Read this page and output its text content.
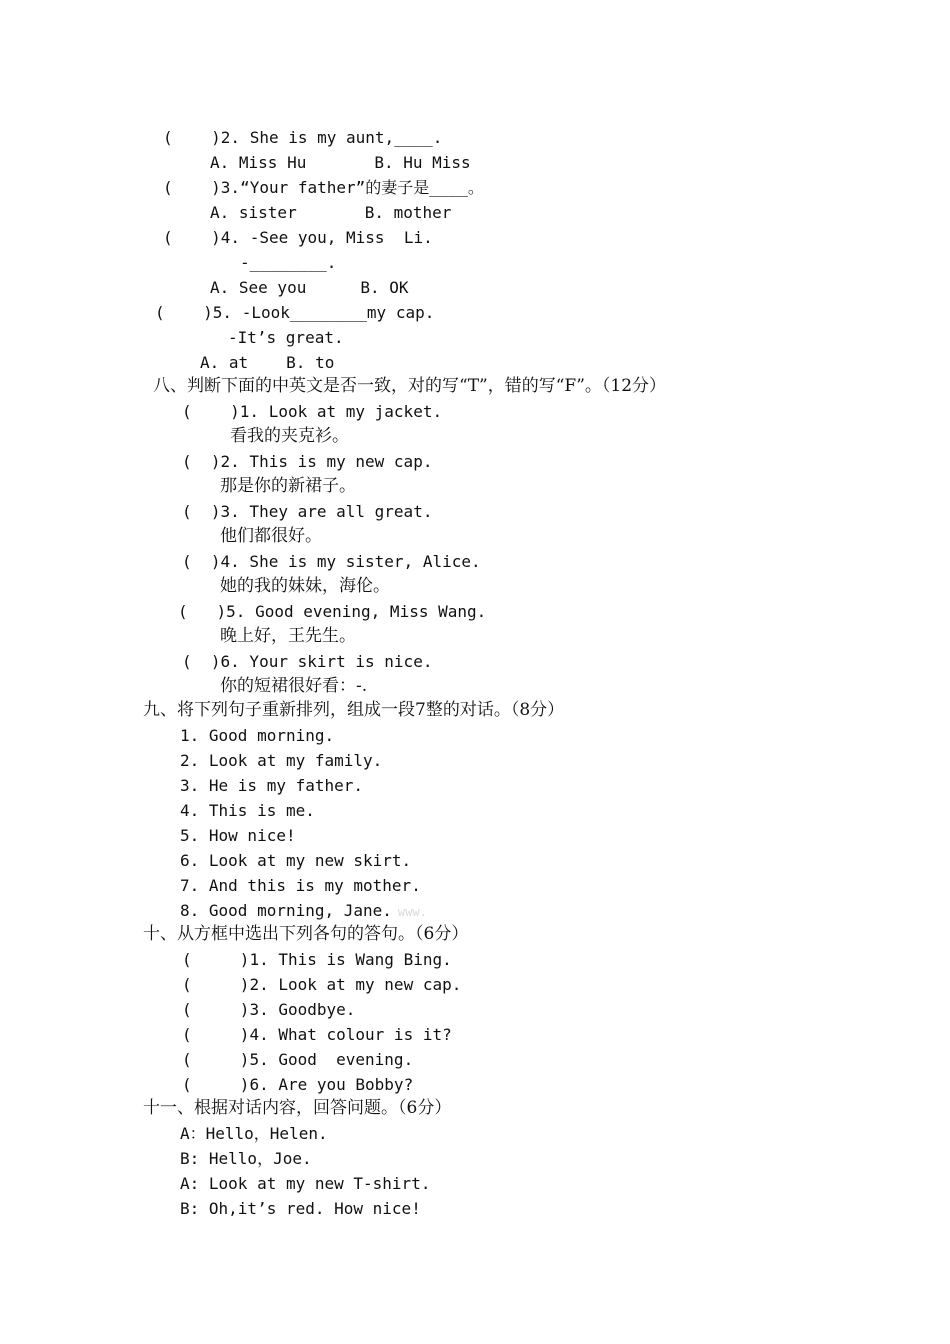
(    )2. She is my aunt,____.
A. Miss Hu	B. Hu Miss
(    )3.“Your father”的妻子是____。
A. sister	B. mother
(    )4. -See you, Miss  Li.
-________.
A. See you	B. OK
(    )5. -Look________my cap.
-It’s great.
A. at B. to
八、判断下面的中英文是否一致，对的写“T”，错的写“F”。（12分）
(    )1. Look at my jacket.
看我的夹克衫。
(  )2. This is my new cap.
那是你的新裙子。
(  )3. They are all great.
他们都很好。
(  )4. She is my sister, Alice.
她的我的妹妹，海伦。
(   )5. Good evening, Miss Wang.
晚上好，王先生。
(  )6. Your skirt is nice.
你的短裙很好看：-.
九、将下列句子重新排列，组成一段7整的对话。（8分）
1. Good morning.
2. Look at my family.
3. He is my father.
4. This is me.
5. How nice!
6. Look at my new skirt.
7. And this is my mother.
8. Good morning, Jane. www.
十、从方框中选出下列各句的答句。（6分）
(     )1. This is Wang Bing.
(     )2. Look at my new cap.
(     )3. Goodbye.
(     )4. What colour is it?
(     )5. Good  evening.
(     )6. Are you Bobby?
十一、根据对话内容，回答问题。（6分）
A：Hello，Helen.
B: Hello，Joe.
A: Look at my new T-shirt.
B: Oh,it’s red. How nice!
